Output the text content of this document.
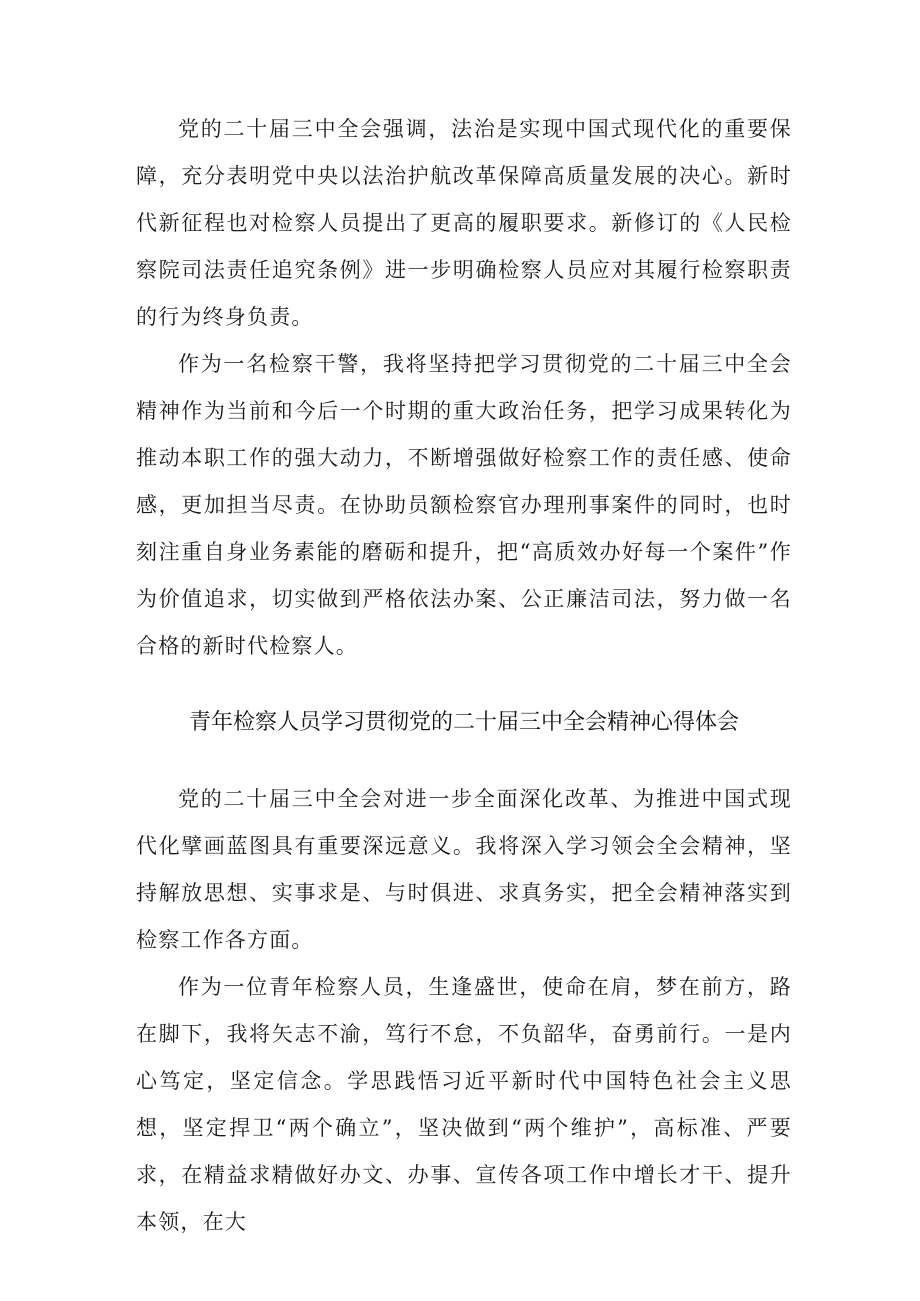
党的二十届三中全会强调，法治是实现中国式现代化的重要保障，充分表明党中央以法治护航改革保障高质量发展的决心。新时代新征程也对检察人员提出了更高的履职要求。新修订的《人民检察院司法责任追究条例》进一步明确检察人员应对其履行检察职责的行为终身负责。

作为一名检察干警，我将坚持把学习贯彻党的二十届三中全会精神作为当前和今后一个时期的重大政治任务，把学习成果转化为推动本职工作的强大动力，不断增强做好检察工作的责任感、使命感，更加担当尽责。在协助员额检察官办理刑事案件的同时，也时刻注重自身业务素能的磨砺和提升，把“高质效办好每一个案件”作为价值追求，切实做到严格依法办案、公正廉洁司法，努力做一名合格的新时代检察人。

青年检察人员学习贯彻党的二十届三中全会精神心得体会

党的二十届三中全会对进一步全面深化改革、为推进中国式现代化擘画蓝图具有重要深远意义。我将深入学习领会全会精神，坚持解放思想、实事求是、与时俱进、求真务实，把全会精神落实到检察工作各方面。

作为一位青年检察人员，生逢盛世，使命在肩，梦在前方，路在脚下，我将矢志不渝，笃行不怠，不负韶华，奋勇前行。一是内心笃定，坚定信念。学思践悟习近平新时代中国特色社会主义思想，坚定捍卫“两个确立”，坚决做到“两个维护”，高标准、严要求，在精益求精做好办文、办事、宣传各项工作中增长才干、提升本领，在大
